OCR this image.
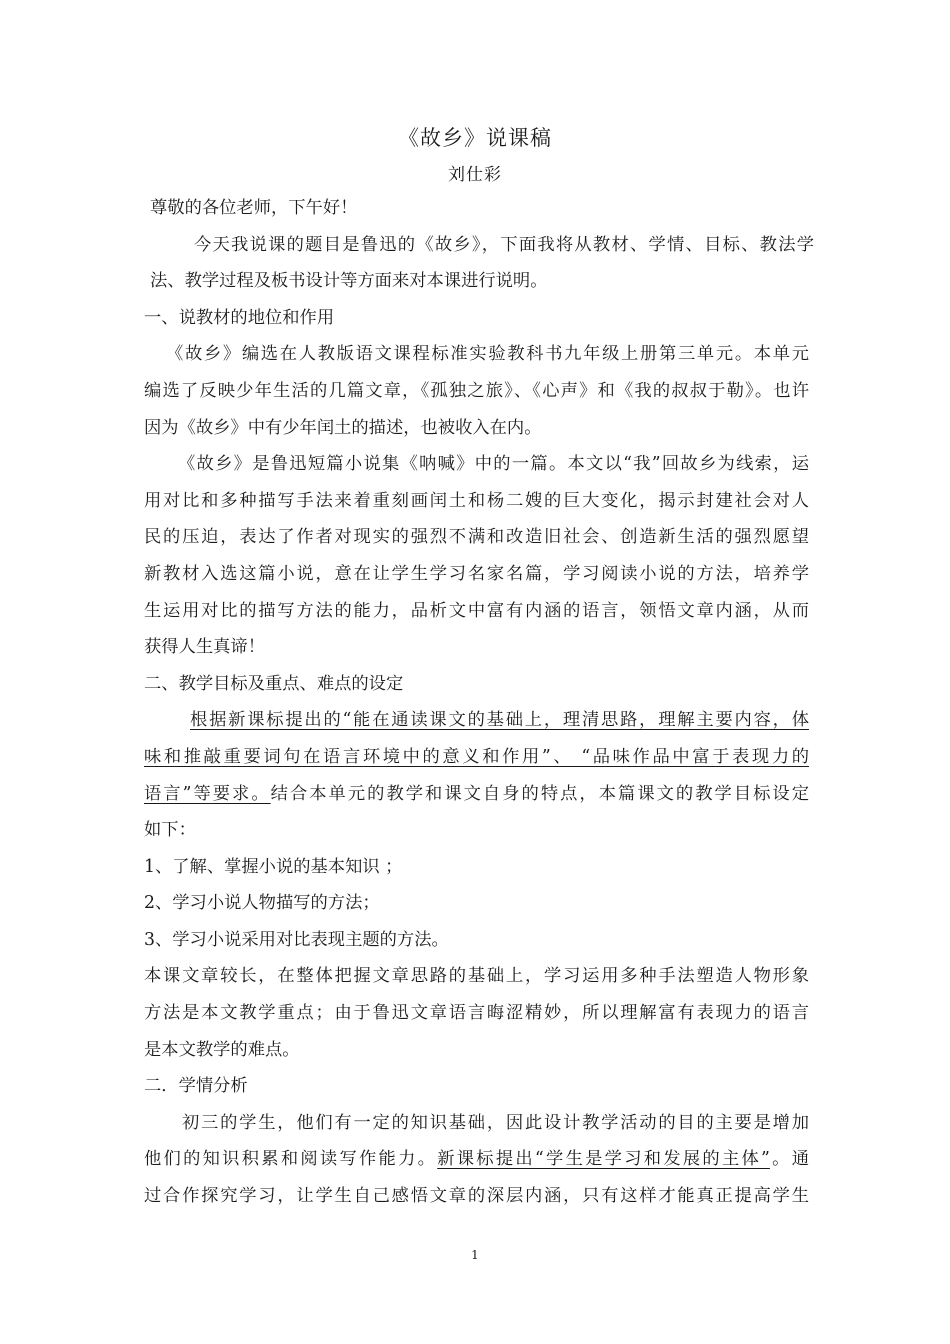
《故乡》说课稿
刘仕彩
尊敬的各位老师，下午好！
今天我说课的题目是鲁迅的《故乡》，下面我将从教材、学情、目标、教法学
法、教学过程及板书设计等方面来对本课进行说明。
一、说教材的地位和作用
《故乡》编选在人教版语文课程标准实验教科书九年级上册第三单元。本单元
编选了反映少年生活的几篇文章，《孤独之旅》、《心声》和《我的叔叔于勒》。也许
因为《故乡》中有少年闰土的描述，也被收入在内。
《故乡》是鲁迅短篇小说集《呐喊》中的一篇。本文以“我”回故乡为线索，运
用对比和多种描写手法来着重刻画闰土和杨二嫂的巨大变化，揭示封建社会对人
民的压迫，表达了作者对现实的强烈不满和改造旧社会、创造新生活的强烈愿望
新教材入选这篇小说，意在让学生学习名家名篇，学习阅读小说的方法，培养学
生运用对比的描写方法的能力，品析文中富有内涵的语言，领悟文章内涵，从而
获得人生真谛！
二、教学目标及重点、难点的设定
根据新课标提出的“能在通读课文的基础上，理清思路，理解主要内容，体
味和推敲重要词句在语言环境中的意义和作用”、 “品味作品中富于表现力的
语言”等要求。结合本单元的教学和课文自身的特点，本篇课文的教学目标设定
如下：
1、了解、掌握小说的基本知识 ；
2、学习小说人物描写的方法；
3、学习小说采用对比表现主题的方法。
本课文章较长，在整体把握文章思路的基础上，学习运用多种手法塑造人物形象
方法是本文教学重点；由于鲁迅文章语言晦涩精妙，所以理解富有表现力的语言
是本文教学的难点。
二．学情分析
初三的学生，他们有一定的知识基础，因此设计教学活动的目的主要是增加
他们的知识积累和阅读写作能力。新课标提出“学生是学习和发展的主体”。通
过合作探究学习，让学生自己感悟文章的深层内涵，只有这样才能真正提高学生
1
